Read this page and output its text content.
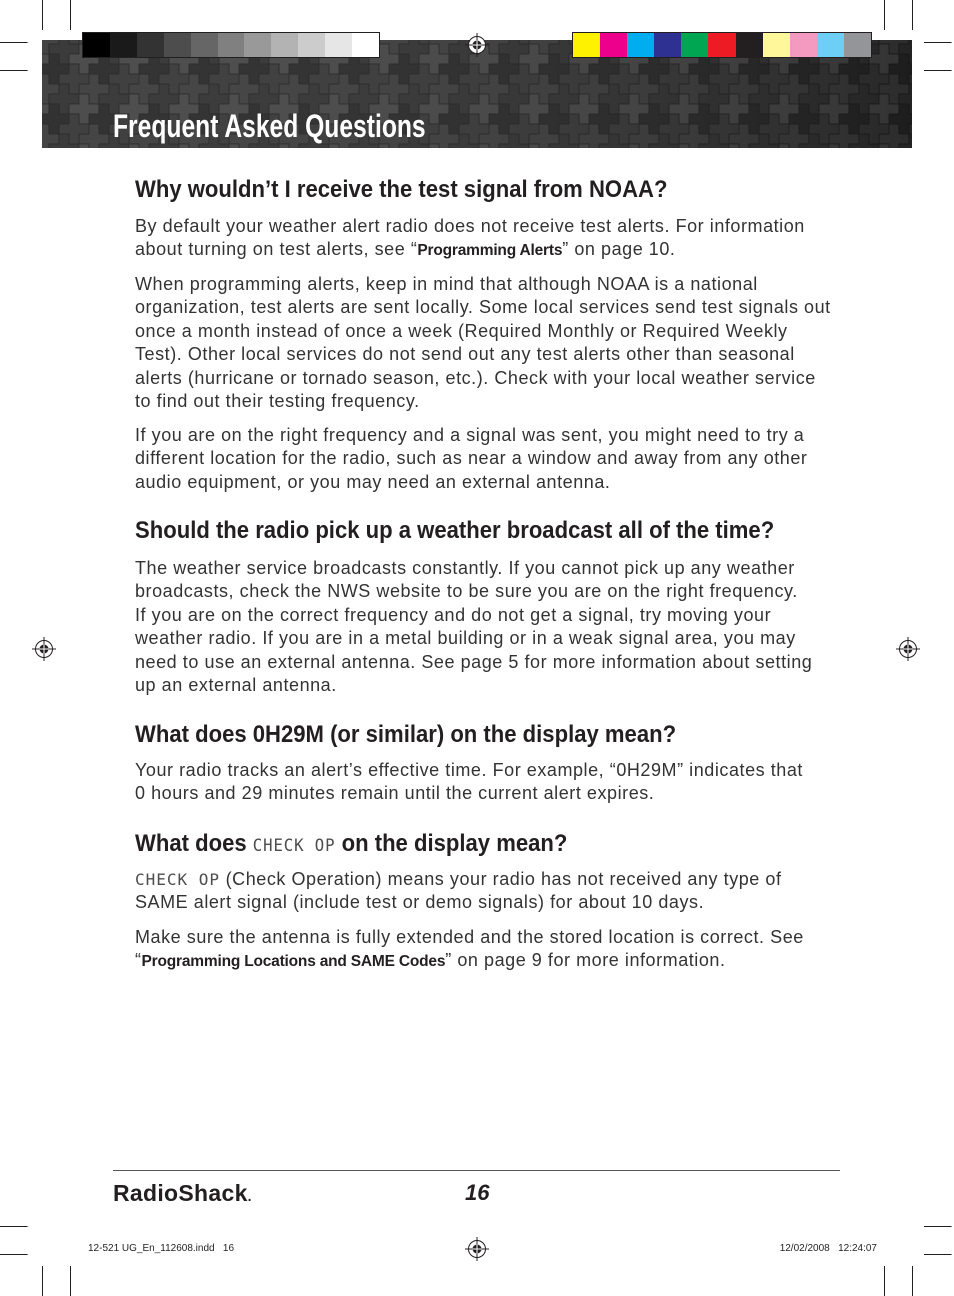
Frequent Asked Questions
Why wouldn’t I receive the test signal from NOAA?

By default your weather alert radio does not receive test alerts. For information
about turning on test alerts, see “Programming Alerts” on page 10.

When programming alerts, keep in mind that although NOAA is a national
organization, test alerts are sent locally. Some local services send test signals out
once a month instead of once a week (Required Monthly or Required Weekly
Test). Other local services do not send out any test alerts other than seasonal
alerts (hurricane or tornado season, etc.). Check with your local weather service
to find out their testing frequency.

If you are on the right frequency and a signal was sent, you might need to try a
different location for the radio, such as near a window and away from any other
audio equipment, or you may need an external antenna.

Should the radio pick up a weather broadcast all of the time?

The weather service broadcasts constantly. If you cannot pick up any weather
broadcasts, check the NWS website to be sure you are on the right frequency.
If you are on the correct frequency and do not get a signal, try moving your
weather radio. If you are in a metal building or in a weak signal area, you may
need to use an external antenna. See page 5 for more information about setting
up an external antenna.

What does 0H29M (or similar) on the display mean?

Your radio tracks an alert’s effective time. For example, “0H29M” indicates that
0 hours and 29 minutes remain until the current alert expires.

What does CHECK OP on the display mean?

CHECK OP (Check Operation) means your radio has not received any type of
SAME alert signal (include test or demo signals) for about 10 days.

Make sure the antenna is fully extended and the stored location is correct. See
“Programming Locations and SAME Codes” on page 9 for more information.

RadioShack.	16

12-521 UG_En_112608.indd   16	12/02/2008   12:24:07
